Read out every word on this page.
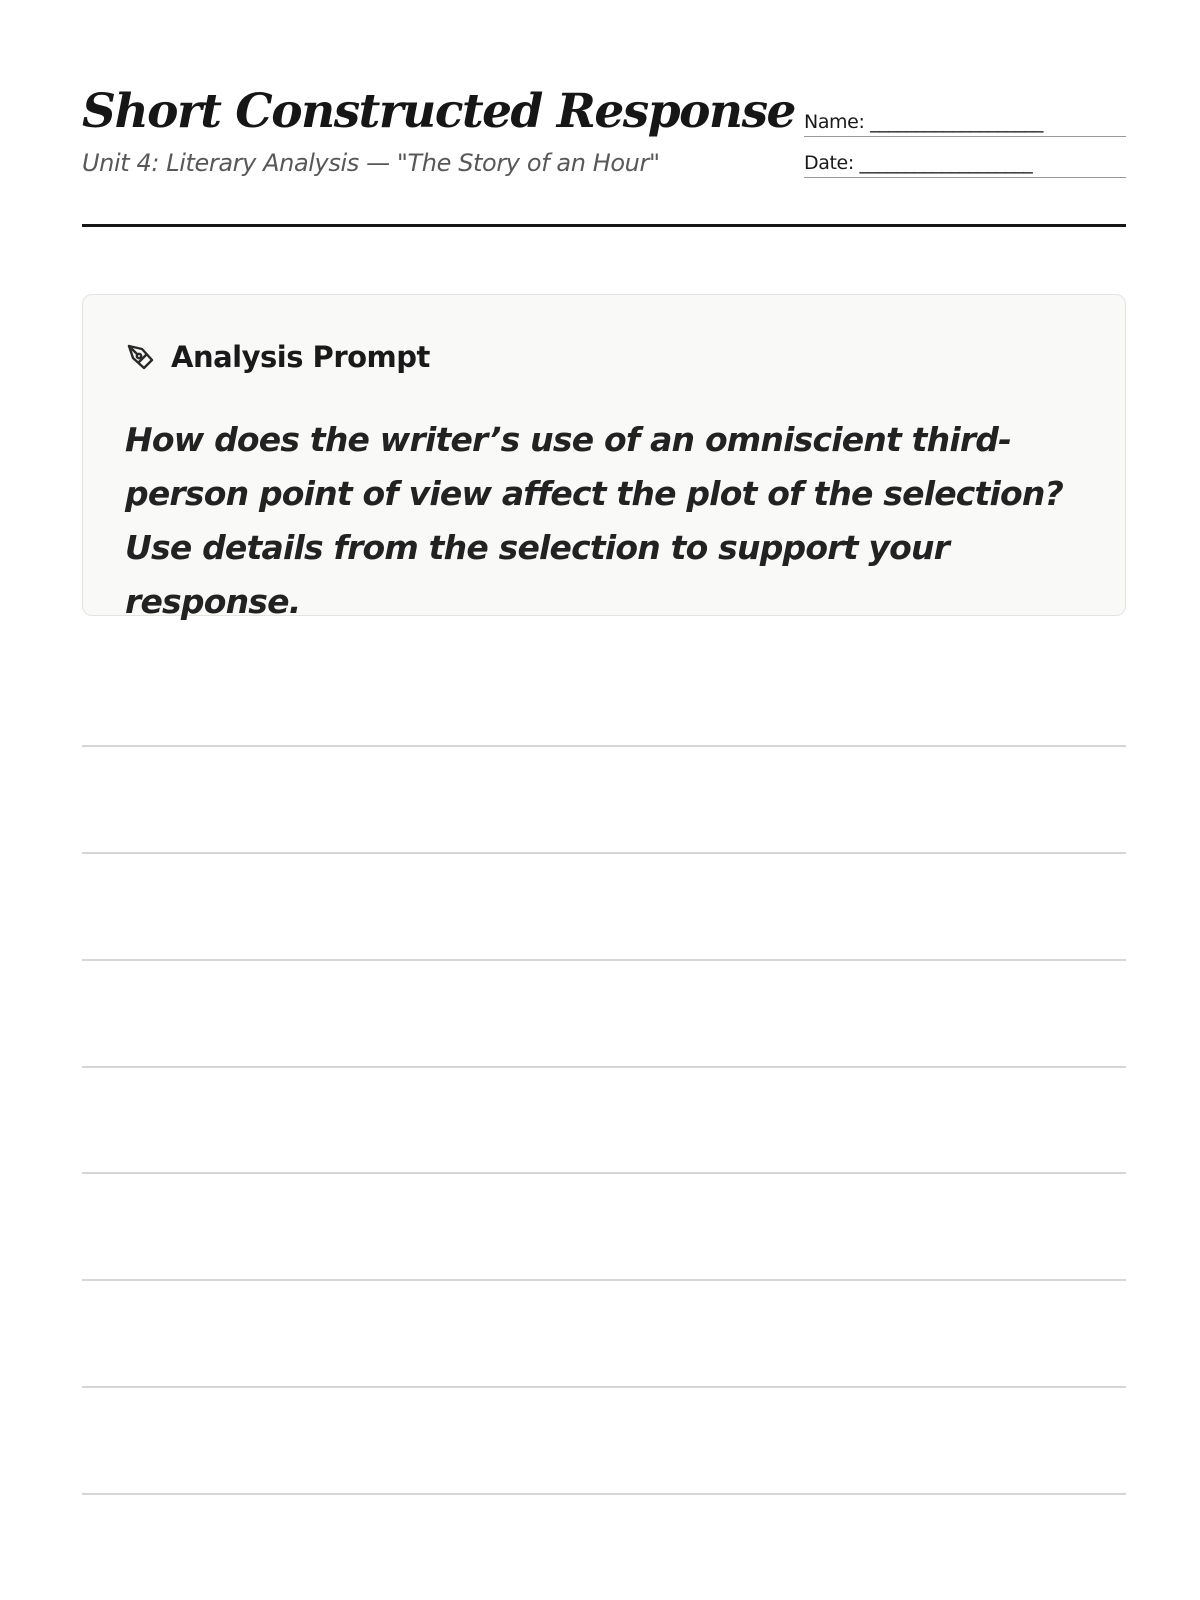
Short Constructed Response
Unit 4: Literary Analysis — "The Story of an Hour"
Name: ___________________
Date: ___________________
Analysis Prompt

How does the writer’s use of an omniscient third-person point of view affect the plot of the selection? Use details from the selection to support your response.
